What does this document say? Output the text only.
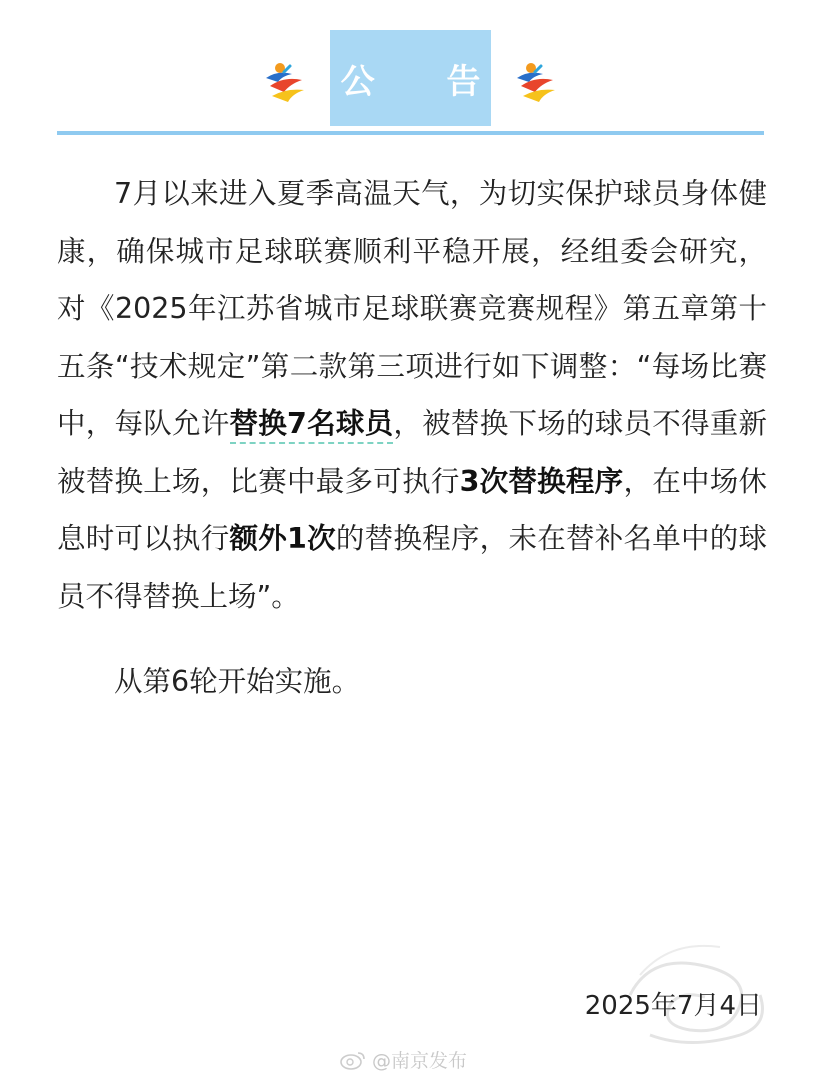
公 告

7月以来进入夏季高温天气，为切实保护球员身体健康，确保城市足球联赛顺利平稳开展，经组委会研究，对《2025年江苏省城市足球联赛竞赛规程》第五章第十五条“技术规定”第二款第三项进行如下调整：“每场比赛中，每队允许替换7名球员，被替换下场的球员不得重新被替换上场，比赛中最多可执行3次替换程序，在中场休息时可以执行额外1次的替换程序，未在替补名单中的球员不得替换上场”。

从第6轮开始实施。

2025年7月4日
@南京发布
